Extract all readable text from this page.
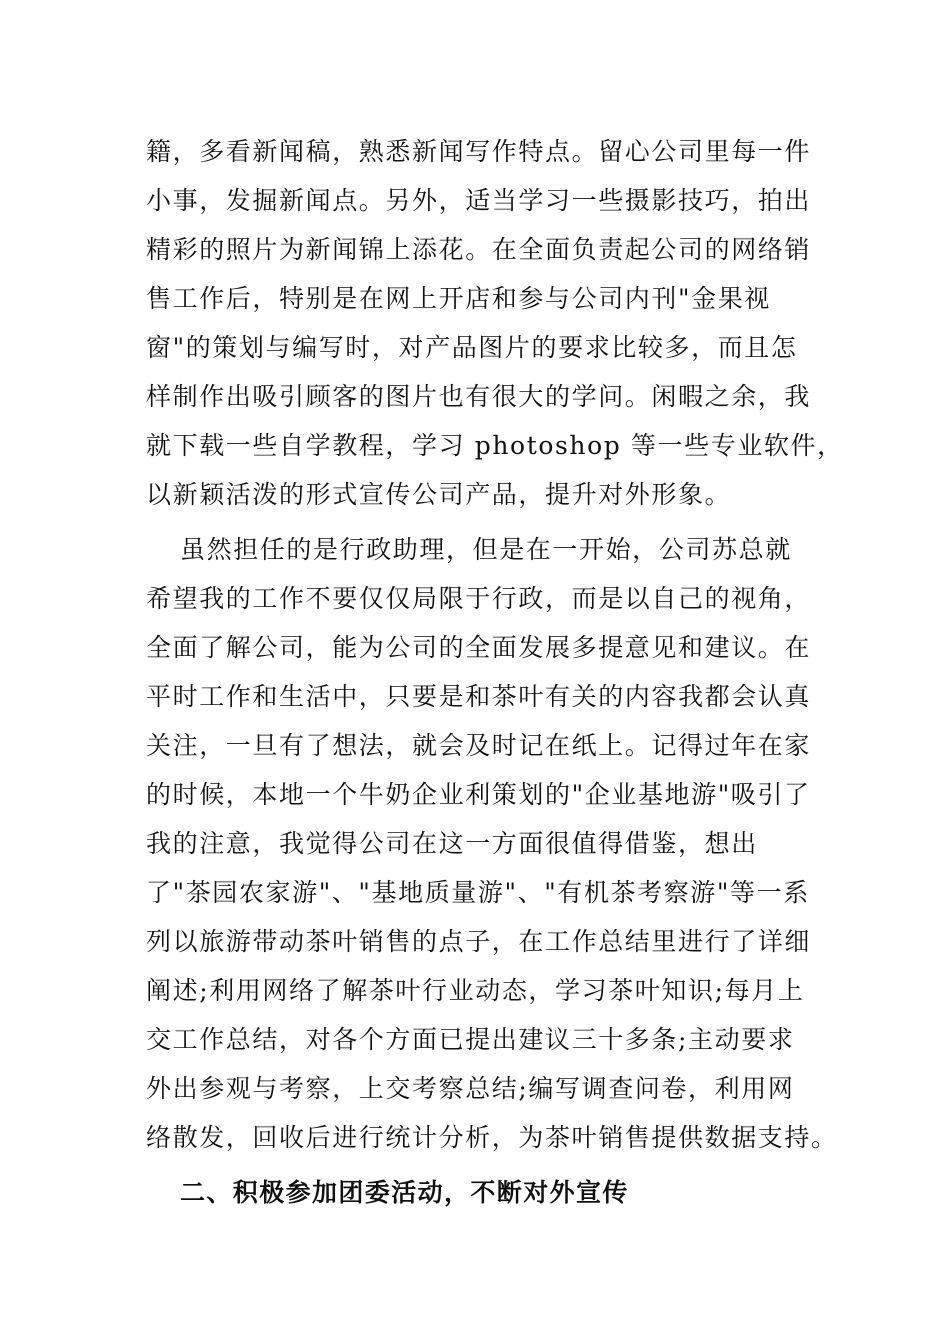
籍，多看新闻稿，熟悉新闻写作特点。留心公司里每一件
小事，发掘新闻点。另外，适当学习一些摄影技巧，拍出
精彩的照片为新闻锦上添花。在全面负责起公司的网络销
售工作后，特别是在网上开店和参与公司内刊"金果视
窗"的策划与编写时，对产品图片的要求比较多，而且怎
样制作出吸引顾客的图片也有很大的学问。闲暇之余，我
就下载一些自学教程，学习 photoshop 等一些专业软件，
以新颖活泼的形式宣传公司产品，提升对外形象。
虽然担任的是行政助理，但是在一开始，公司苏总就
希望我的工作不要仅仅局限于行政，而是以自己的视角，
全面了解公司，能为公司的全面发展多提意见和建议。在
平时工作和生活中，只要是和茶叶有关的内容我都会认真
关注，一旦有了想法，就会及时记在纸上。记得过年在家
的时候，本地一个牛奶企业利策划的"企业基地游"吸引了
我的注意，我觉得公司在这一方面很值得借鉴，想出
了"茶园农家游"、"基地质量游"、"有机茶考察游"等一系
列以旅游带动茶叶销售的点子，在工作总结里进行了详细
阐述;利用网络了解茶叶行业动态，学习茶叶知识;每月上
交工作总结，对各个方面已提出建议三十多条;主动要求
外出参观与考察，上交考察总结;编写调查问卷，利用网
络散发，回收后进行统计分析，为茶叶销售提供数据支持。
二、积极参加团委活动，不断对外宣传
